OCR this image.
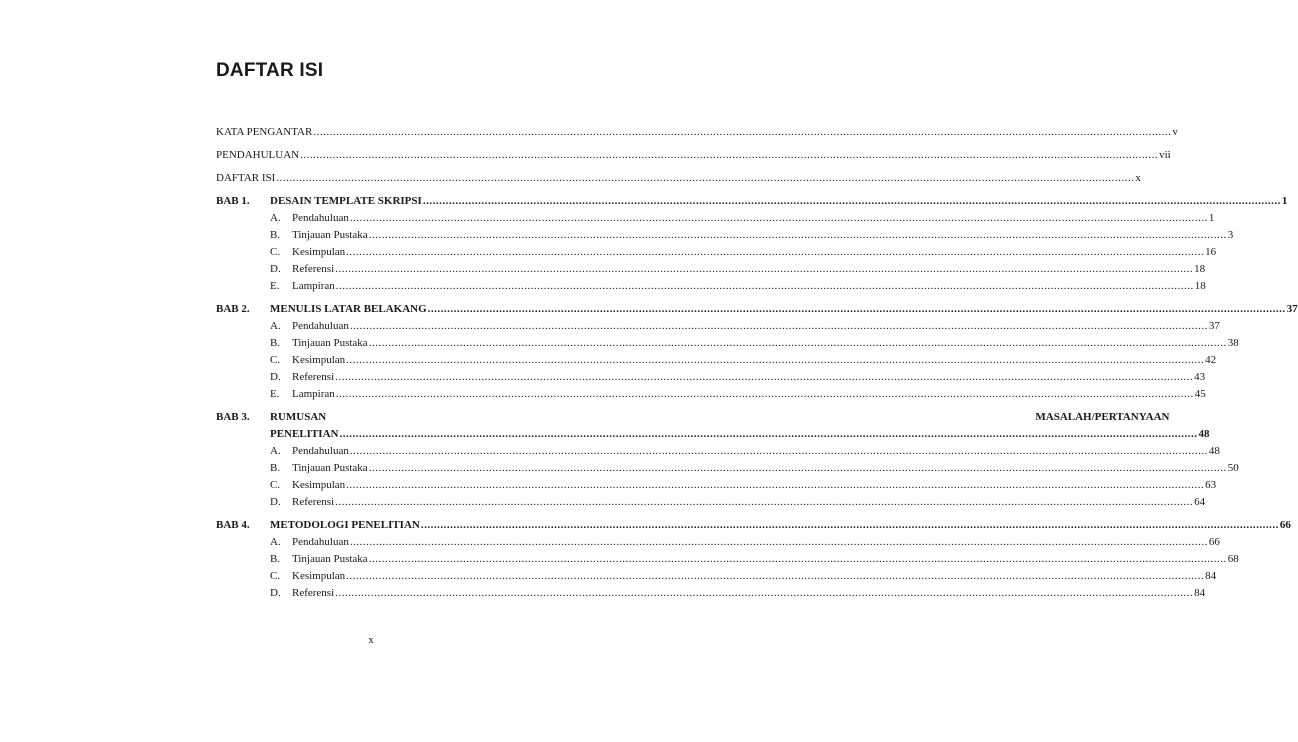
DAFTAR ISI
KATA PENGANTAR .....	v
PENDAHULUAN .....	vii
DAFTAR ISI .....	x
BAB 1.	DESAIN TEMPLATE SKRIPSI .....	1
A.	Pendahuluan .....	1
B.	Tinjauan Pustaka .....	3
C.	Kesimpulan .....	16
D.	Referensi .....	18
E.	Lampiran .....	18
BAB 2.	MENULIS LATAR BELAKANG .....	37
A.	Pendahuluan .....	37
B.	Tinjauan Pustaka .....	38
C.	Kesimpulan .....	42
D.	Referensi .....	43
E.	Lampiran .....	45
BAB 3.	RUMUSAN	MASALAH/PERTANYAAN
PENELITIAN .....	48
A.	Pendahuluan .....	48
B.	Tinjauan Pustaka .....	50
C.	Kesimpulan .....	63
D.	Referensi .....	64
BAB 4.	METODOLOGI PENELITIAN .....	66
A.	Pendahuluan .....	66
B.	Tinjauan Pustaka .....	68
C.	Kesimpulan .....	84
D.	Referensi .....	84
x
